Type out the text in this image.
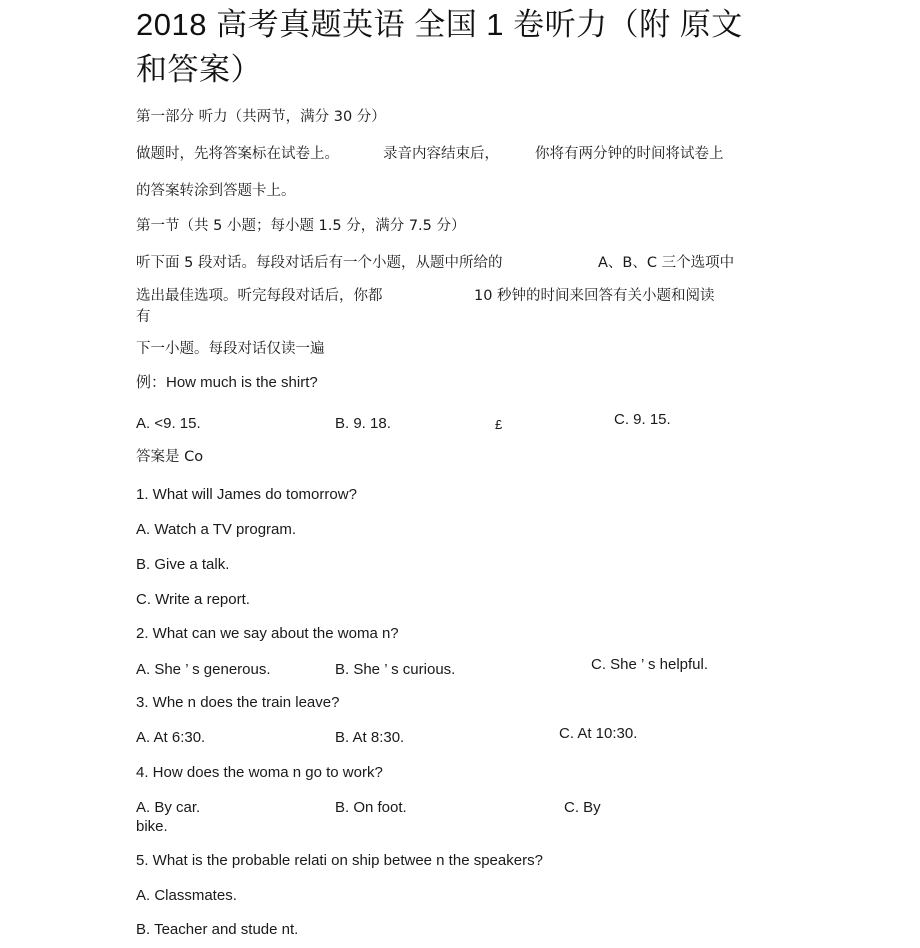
2018 高考真题英语 全国 1 卷听力（附 原文
和答案）
第一部分 听力（共两节，满分 30 分）
做题时，先将答案标在试卷上。	录音内容结束后， 你将有两分钟的时间将试卷上
的答案转涂到答题卡上。
第一节（共 5 小题；每小题 1.5 分，满分 7.5 分）
听下面 5 段对话。每段对话后有一个小题，从题中所给的	A、B、C 三个选项中
选出最佳选项。听完每段对话后，你都
有
10 秒钟的时间来回答有关小题和阅读
下一小题。每段对话仅读一遍
例：How much is the shirt?
A. <9. 15.	B. 9. 18.	£	C. 9. 15.
答案是 Co
1. What will James do tomorrow?
A. Watch a TV program.
B. Give a talk.
C. Write a report.
2. What can we say about the woma n?
A. She ’ s generous.	B. She ’ s curious.	C. She ’ s helpful.
3. Whe n does the train leave?
A. At 6:30.	B. At 8:30.	C. At 10:30.
4. How does the woma n go to work?
A. By car.	B. On foot.	C. By
bike.
5. What is the probable relati on ship betwee n the speakers?
A. Classmates.
B. Teacher and stude nt.
